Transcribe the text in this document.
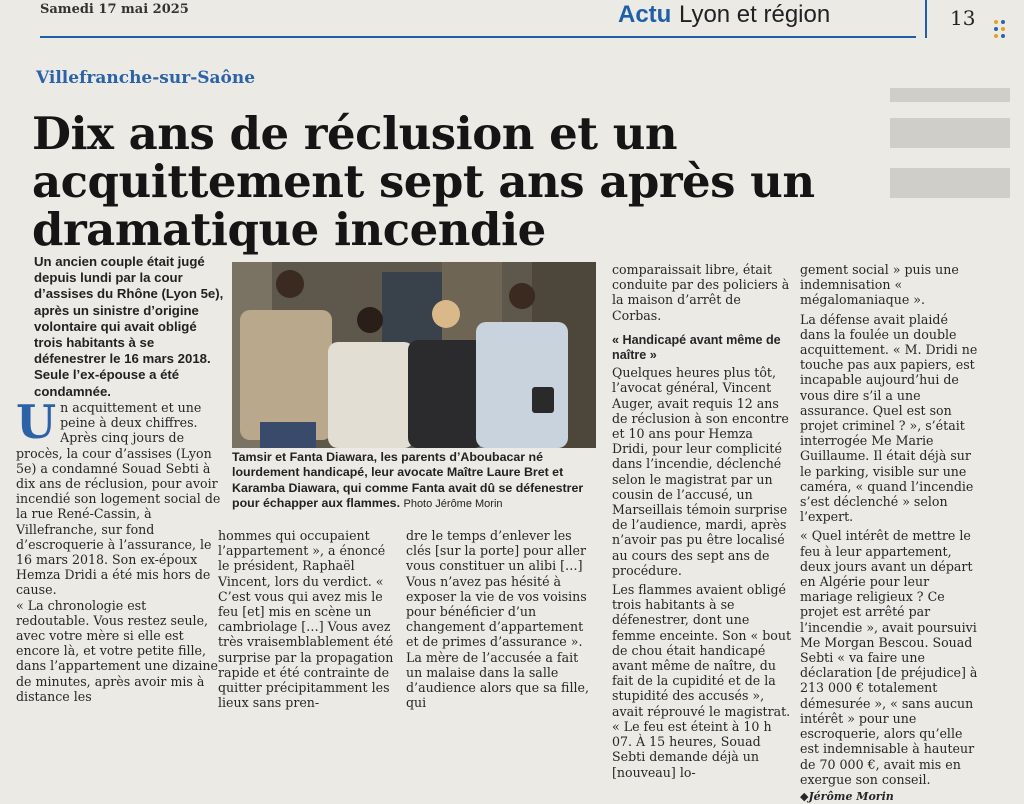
Samedi 17 mai 2025	Actu Lyon et région	13
Villefranche-sur-Saône
Dix ans de réclusion et un acquittement sept ans après un dramatique incendie
Un ancien couple était jugé depuis lundi par la cour d’assises du Rhône (Lyon 5e), après un sinistre d’origine volontaire qui avait obligé trois habitants à se défenestrer le 16 mars 2018. Seule l’ex-épouse a été condamnée.
Tamsir et Fanta Diawara, les parents d’Aboubacar né lourdement handicapé, leur avocate Maître Laure Bret et Karamba Diawara, qui comme Fanta avait dû se défenestrer pour échapper aux flammes. Photo Jérôme Morin

U n acquittement et une peine à deux chiffres. Après cinq jours de procès, la cour d’assises (Lyon 5e) a condamné Souad Sebti à dix ans de réclusion, pour avoir incendié son logement social de la rue René-Cassin, à Villefranche, sur fond d’escroquerie à l’assurance, le 16 mars 2018. Son ex-époux Hemza Dridi a été mis hors de cause.

« La chronologie est redoutable. Vous restez seule, avec votre mère si elle est encore là, et votre petite fille, dans l’appartement une dizaine de minutes, après avoir mis à distance les

hommes qui occupaient l’appartement », a énoncé le président, Raphaël Vincent, lors du verdict. « C’est vous qui avez mis le feu [et] mis en scène un cambriolage […] Vous avez très vraisemblablement été surprise par la propagation rapide et été contrainte de quitter précipitamment les lieux sans pren-

dre le temps d’enlever les clés [sur la porte] pour aller vous constituer un alibi […] Vous n’avez pas hésité à exposer la vie de vos voisins pour bénéficier d’un changement d’appartement et de primes d’assurance ». La mère de l’accusée a fait un malaise dans la salle d’audience alors que sa fille, qui

comparaissait libre, était conduite par des policiers à la maison d’arrêt de Corbas.

« Handicapé avant même de naître »

Quelques heures plus tôt, l’avocat général, Vincent Auger, avait requis 12 ans de réclusion à son encontre et 10 ans pour Hemza Dridi, pour leur complicité dans l’incendie, déclenché selon le magistrat par un cousin de l’accusé, un Marseillais témoin surprise de l’audience, mardi, après n’avoir pas pu être localisé au cours des sept ans de procédure.

Les flammes avaient obligé trois habitants à se défenestrer, dont une femme enceinte. Son « bout de chou était handicapé avant même de naître, du fait de la cupidité et de la stupidité des accusés », avait réprouvé le magistrat. « Le feu est éteint à 10 h 07. À 15 heures, Souad Sebti demande déjà un [nouveau] lo-

gement social » puis une indemnisation « mégalomaniaque ».

La défense avait plaidé dans la foulée un double acquittement. « M. Dridi ne touche pas aux papiers, est incapable aujourd’hui de vous dire s’il a une assurance. Quel est son projet criminel ? », s’était interrogée Me Marie Guillaume. Il était déjà sur le parking, visible sur une caméra, « quand l’incendie s’est déclenché » selon l’expert.

« Quel intérêt de mettre le feu à leur appartement, deux jours avant un départ en Algérie pour leur mariage religieux ? Ce projet est arrêté par l’incendie », avait poursuivi Me Morgan Bescou. Souad Sebti « va faire une déclaration [de préjudice] à 213 000 € totalement démesurée », « sans aucun intérêt » pour une escroquerie, alors qu’elle est indemnisable à hauteur de 70 000 €, avait mis en exergue son conseil.

◆Jérôme Morin
